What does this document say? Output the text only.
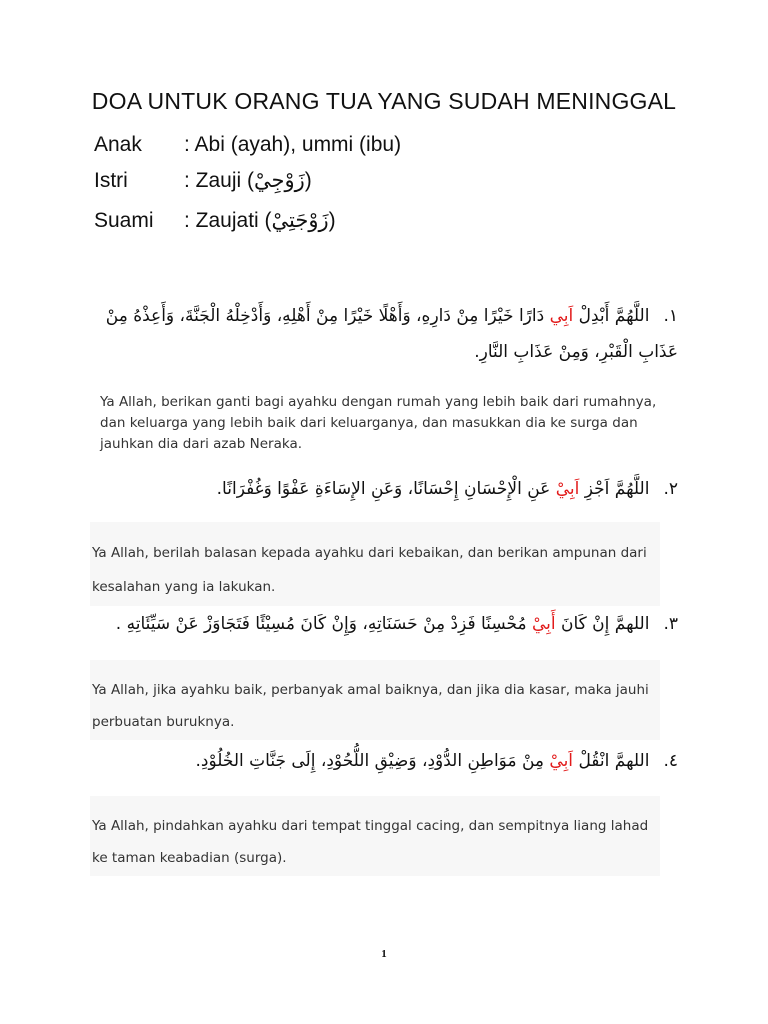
DOA UNTUK ORANG TUA YANG SUDAH MENINGGAL
Anak : Abi (ayah), ummi (ibu)
Istri	: Zauji (زَوْجِيْ)
Suami : Zaujati (زَوْجَتِيْ)
١.اللَّهُمَّ أَبْدِلْ اَبِي دَارًا خَيْرًا مِنْ دَارِهِ، وَأَهْلًا خَيْرًا مِنْ أَهْلِهِ، وَأَدْخِلْهُ الْجَنَّةَ، وَأَعِذْهُ مِنْ عَذَابِ الْقَبْرِ، وَمِنْ عَذَابِ النَّارِ.
Ya Allah, berikan ganti bagi ayahku dengan rumah yang lebih baik dari rumahnya, dan keluarga yang lebih baik dari keluarganya, dan masukkan dia ke surga dan jauhkan dia dari azab Neraka.
٢.اللَّهُمَّ اَجْزِ اَبِيْ عَنِ الْإِحْسَانِ إِحْسَانًا، وَعَنِ الإِسَاءَةِ عَفْوًا وَغُفْرَانًا.
Ya Allah, berilah balasan kepada ayahku dari kebaikan, dan berikan ampunan dari kesalahan yang ia lakukan.
٣.اللهمَّ إِنْ كَانَ أَبِيْ مُحْسِنًا فَزِدْ مِنْ حَسَنَاتِهِ، وَإِنْ كَانَ مُسِيْئًا فَتَجَاوَزْ عَنْ سَيِّئَاتِهِ .
Ya Allah, jika ayahku baik, perbanyak amal baiknya, dan jika dia kasar, maka jauhi perbuatan buruknya.
٤.اللهمَّ انْقُلْ اَبِيْ مِنْ مَوَاطِنِ الدُّوْدِ، وَضِيْقِ اللُّحُوْدِ، إِلَى جَنَّاتِ الخُلُوْدِ.
Ya Allah, pindahkan ayahku dari tempat tinggal cacing, dan sempitnya liang lahad ke taman keabadian (surga).
1
